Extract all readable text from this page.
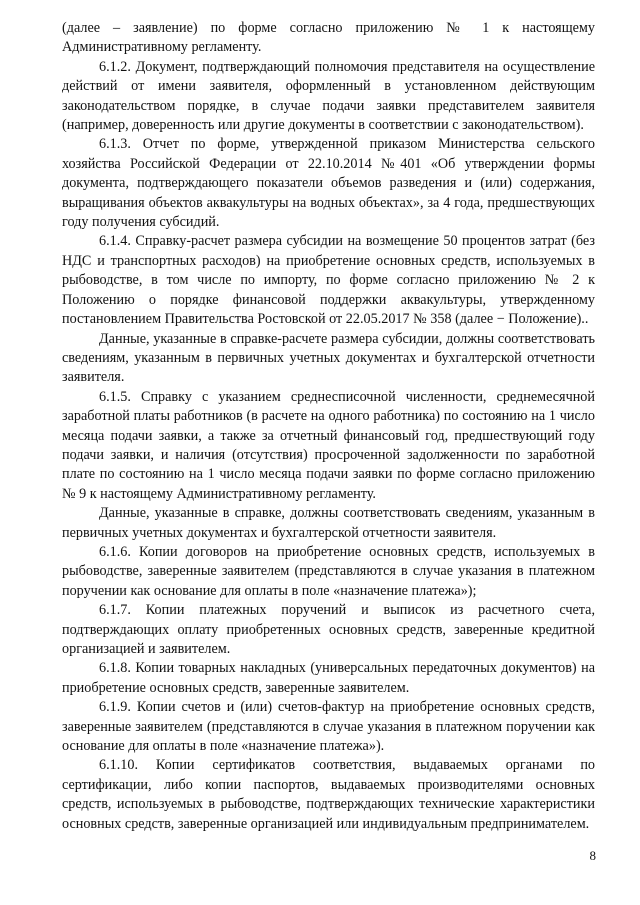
(далее – заявление) по форме согласно приложению № 1 к настоящему Административному регламенту.

6.1.2. Документ, подтверждающий полномочия представителя на осуществление действий от имени заявителя, оформленный в установленном действующим законодательством порядке, в случае подачи заявки представителем заявителя (например, доверенность или другие документы в соответствии с законодательством).

6.1.3. Отчет по форме, утвержденной приказом Министерства сельского хозяйства Российской Федерации от 22.10.2014 №401 «Об утверждении формы документа, подтверждающего показатели объемов разведения и (или) содержания, выращивания объектов аквакультуры на водных объектах», за 4 года, предшествующих году получения субсидий.

6.1.4. Справку-расчет размера субсидии на возмещение 50 процентов затрат (без НДС и транспортных расходов) на приобретение основных средств, используемых в рыбоводстве, в том числе по импорту, по форме согласно приложению № 2 к Положению о порядке финансовой поддержки аквакультуры, утвержденному постановлением Правительства Ростовской от 22.05.2017 № 358 (далее − Положение)..

Данные, указанные в справке-расчете размера субсидии, должны соответствовать сведениям, указанным в первичных учетных документах и бухгалтерской отчетности заявителя.

6.1.5. Справку с указанием среднесписочной численности, среднемесячной заработной платы работников (в расчете на одного работника) по состоянию на 1 число месяца подачи заявки, а также за отчетный финансовый год, предшествующий году подачи заявки, и наличия (отсутствия) просроченной задолженности по заработной плате по состоянию на 1 число месяца подачи заявки по форме согласно приложению № 9 к настоящему Административному регламенту.

Данные, указанные в справке, должны соответствовать сведениям, указанным в первичных учетных документах и бухгалтерской отчетности заявителя.

6.1.6. Копии договоров на приобретение основных средств, используемых в рыбоводстве, заверенные заявителем (представляются в случае указания в платежном поручении как основание для оплаты в поле «назначение платежа»);

6.1.7. Копии платежных поручений и выписок из расчетного счета, подтверждающих оплату приобретенных основных средств, заверенные кредитной организацией и заявителем.

6.1.8. Копии товарных накладных (универсальных передаточных документов) на приобретение основных средств, заверенные заявителем.

6.1.9. Копии счетов и (или) счетов-фактур на приобретение основных средств, заверенные заявителем (представляются в случае указания в платежном поручении как основание для оплаты в поле «назначение платежа»).

6.1.10. Копии сертификатов соответствия, выдаваемых органами по сертификации, либо копии паспортов, выдаваемых производителями основных средств, используемых в рыбоводстве, подтверждающих технические характеристики основных средств, заверенные организацией или индивидуальным предпринимателем.

8
